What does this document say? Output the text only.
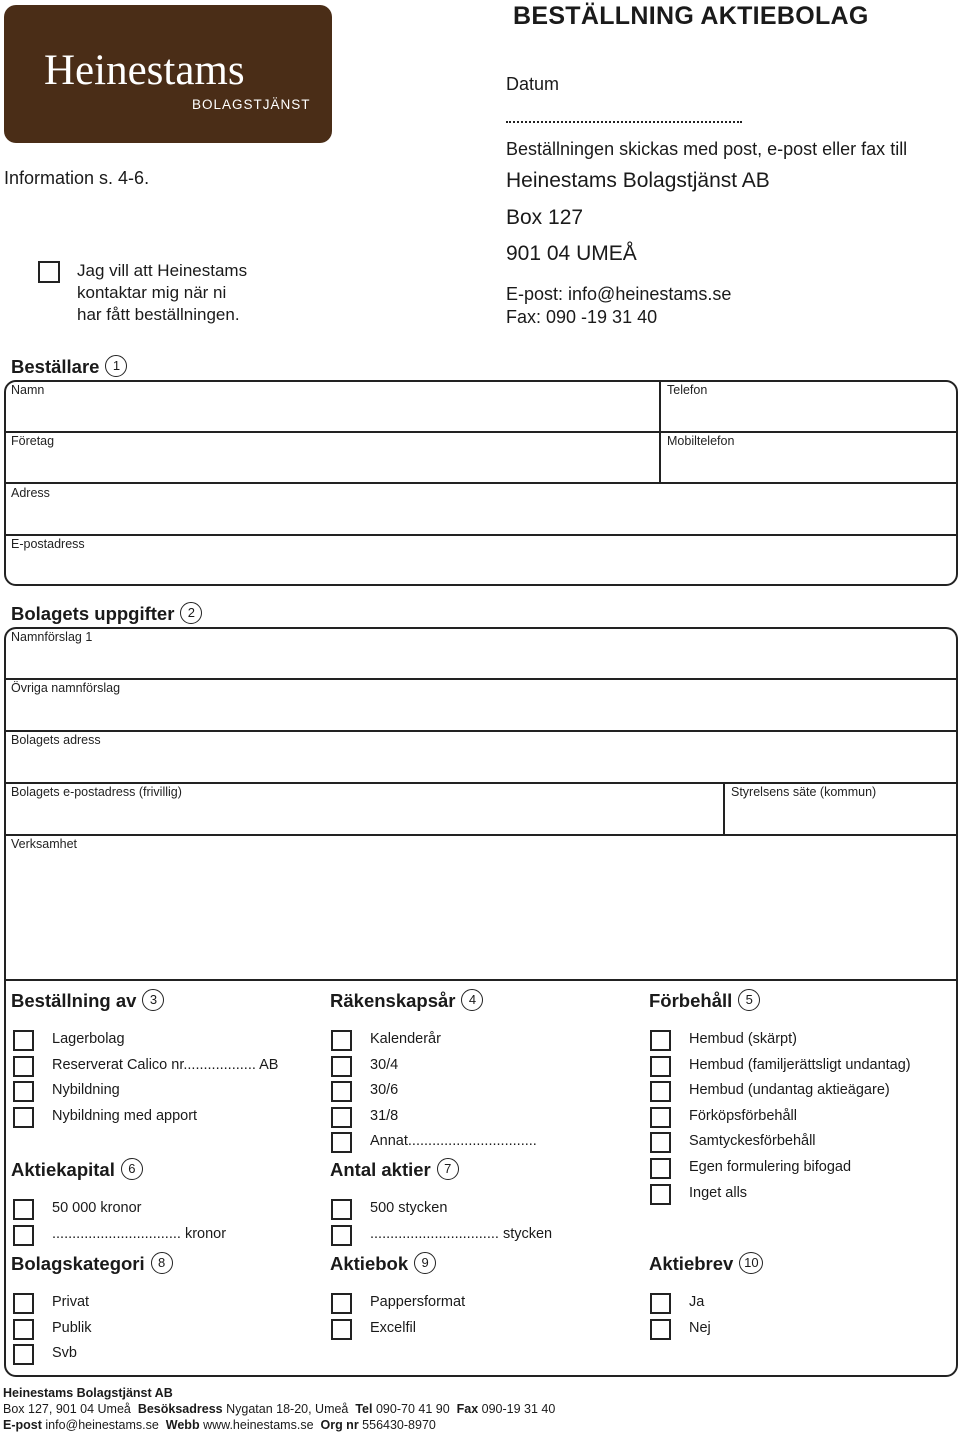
Heinestams
BOLAGSTJÄNST
BESTÄLLNING AKTIEBOLAG
Datum
Beställningen skickas med post, e-post eller fax till
Heinestams Bolagstjänst AB
Box 127
901 04 UMEÅ
E-post: info@heinestams.se
Fax: 090 -19 31 40
Information s. 4-6.
Jag vill att Heinestams
kontaktar mig när ni
har fått beställningen.
Beställare 1
Namn	Telefon
Företag	Mobiltelefon
Adress
E-postadress
Bolagets uppgifter 2
Namnförslag 1
Övriga namnförslag
Bolagets adress
Bolagets e-postadress (frivillig)	Styrelsens säte (kommun)
Verksamhet
Beställning av 3
Lagerbolag
Reserverat Calico nr.................. AB
Nybildning
Nybildning med apport
Aktiekapital 6
50 000 kronor
................................ kronor
Bolagskategori 8
Privat
Publik
Svb
Räkenskapsår 4
Kalenderår
30/4
30/6
31/8
Annat................................
Antal aktier 7
500 stycken
................................ stycken
Aktiebok 9
Pappersformat
Excelfil
Förbehåll 5
Hembud (skärpt)
Hembud (familjerättsligt undantag)
Hembud (undantag aktieägare)
Förköpsförbehåll
Samtyckesförbehåll
Egen formulering bifogad
Inget alls
Aktiebrev 10
Ja
Nej
Heinestams Bolagstjänst AB
Box 127, 901 04 Umeå Besöksadress Nygatan 18-20, Umeå Tel 090-70 41 90 Fax 090-19 31 40
E-post info@heinestams.se Webb www.heinestams.se Org nr 556430-8970
